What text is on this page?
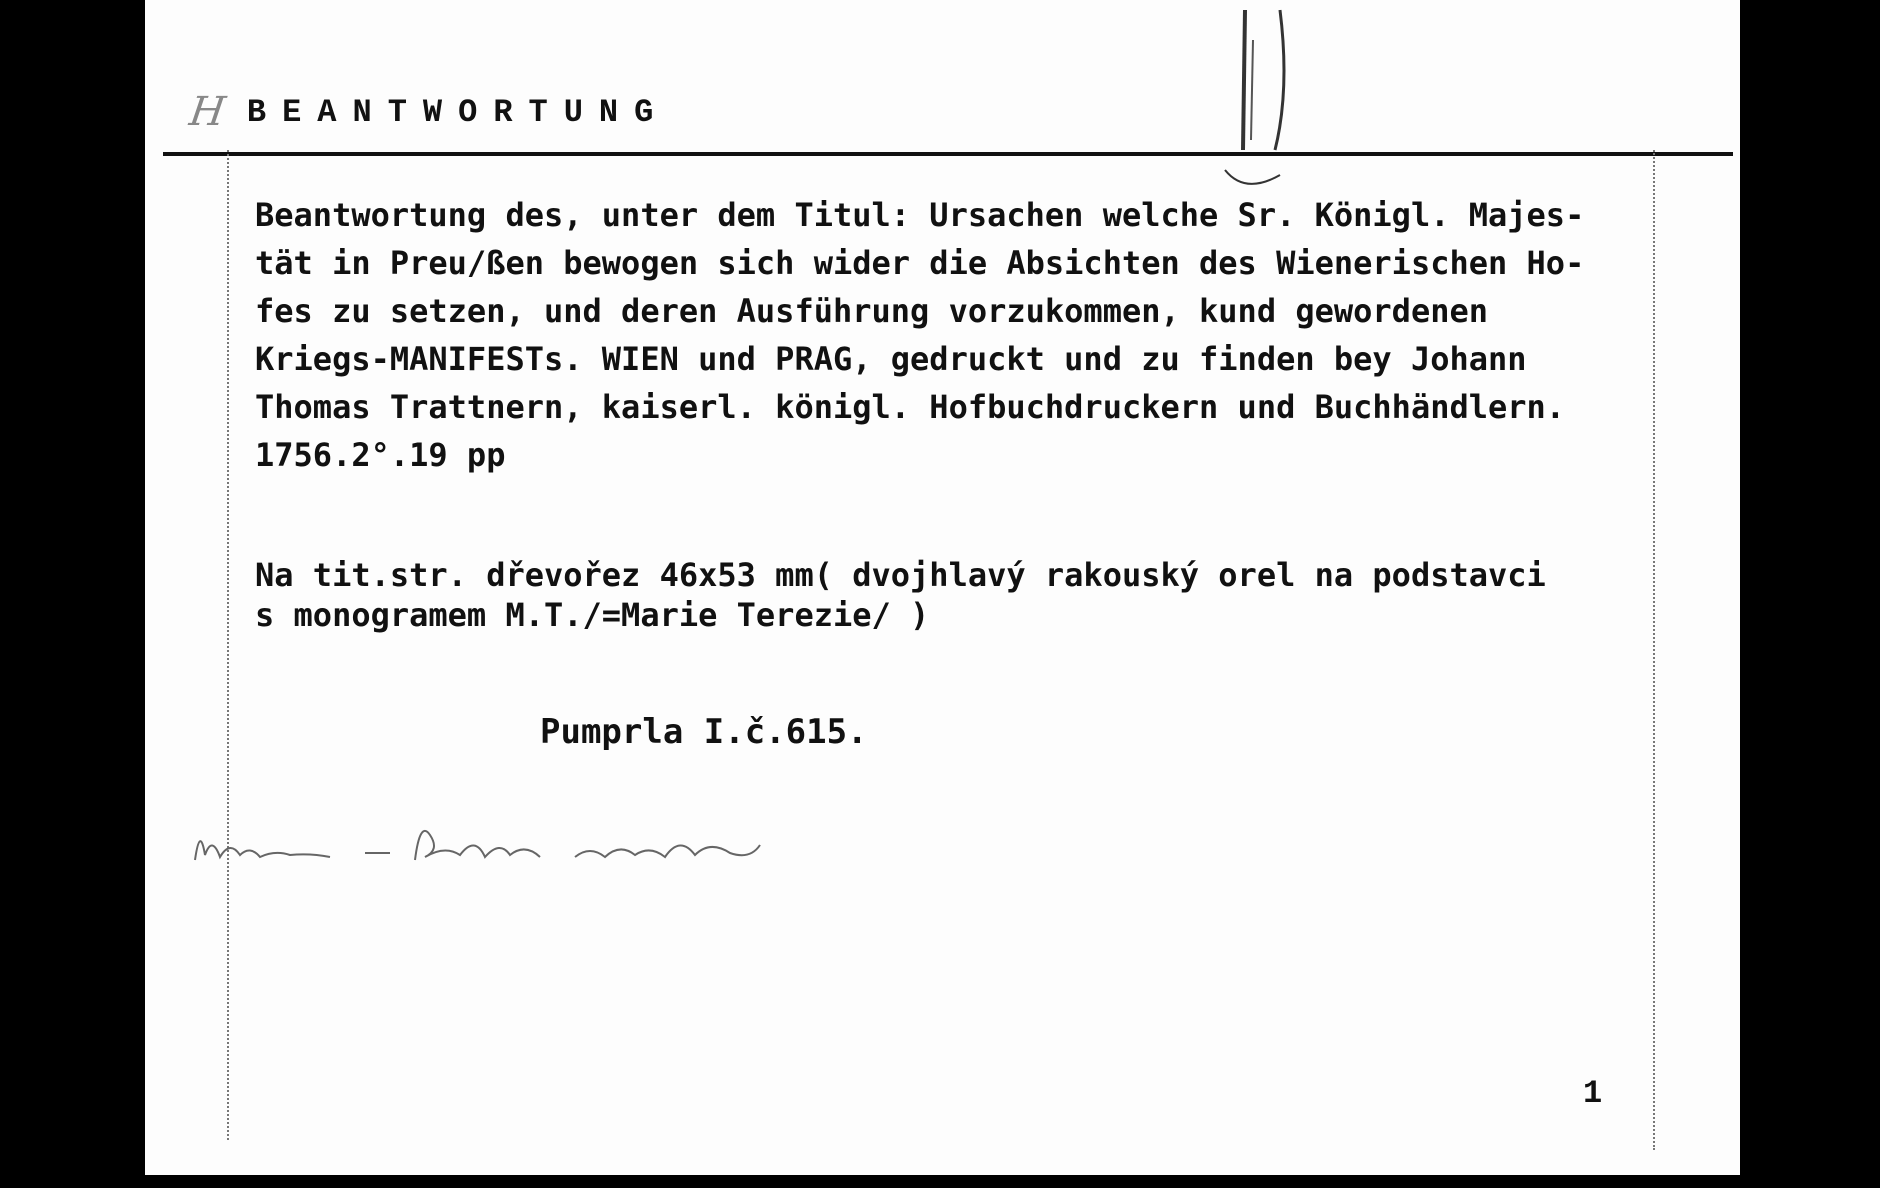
H BEANTWORTUNG
Beantwortung des, unter dem Titul: Ursachen welche Sr. Königl. Majes-
tät in Preu/ßen bewogen sich wider die Absichten des Wienerischen Ho-
fes zu setzen, und deren Ausführung vorzukommen, kund gewordenen
Kriegs-MANIFESTs. WIEN und PRAG, gedruckt und zu finden bey Johann
Thomas Trattnern, kaiserl. königl. Hofbuchdruckern und Buchhändlern.
1756.2°.19 pp
Na tit.str. dřevořez 46x53 mm( dvojhlavý rakouský orel na podstavci
s monogramem M.T./=Marie Terezie/ )
Pumprla I.č.615.
1
